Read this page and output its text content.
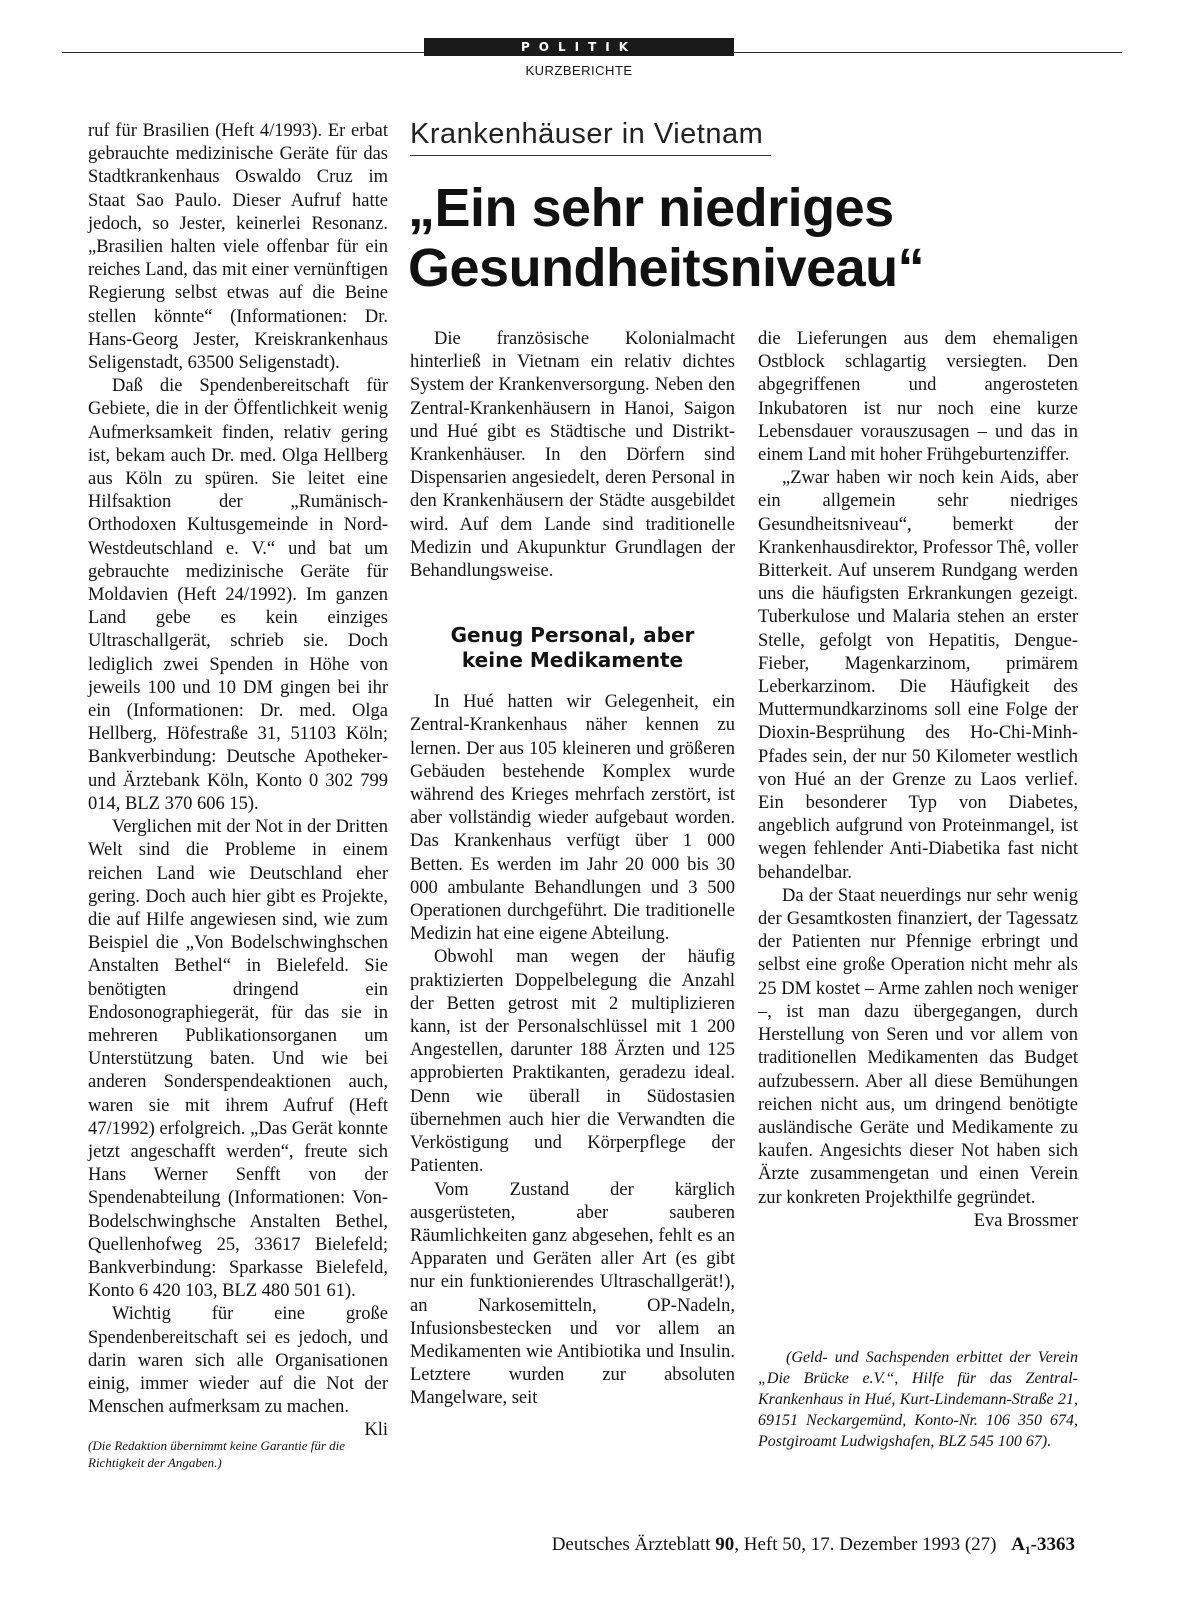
POLITIK
KURZBERICHTE

ruf für Brasilien (Heft 4/1993). Er erbat gebrauchte medizinische Geräte für das Stadtkrankenhaus Oswaldo Cruz im Staat Sao Paulo. Dieser Aufruf hatte jedoch, so Jester, keinerlei Resonanz. „Brasilien halten viele offenbar für ein reiches Land, das mit einer vernünftigen Regierung selbst etwas auf die Beine stellen könnte“ (Informationen: Dr. Hans-Georg Jester, Kreiskrankenhaus Seligenstadt, 63500 Seligenstadt).

Daß die Spendenbereitschaft für Gebiete, die in der Öffentlichkeit wenig Aufmerksamkeit finden, relativ gering ist, bekam auch Dr. med. Olga Hellberg aus Köln zu spüren. Sie leitet eine Hilfsaktion der „Rumänisch-Orthodoxen Kultusgemeinde in Nord-Westdeutschland e. V.“ und bat um gebrauchte medizinische Geräte für Moldavien (Heft 24/1992). Im ganzen Land gebe es kein einziges Ultraschallgerät, schrieb sie. Doch lediglich zwei Spenden in Höhe von jeweils 100 und 10 DM gingen bei ihr ein (Informationen: Dr. med. Olga Hellberg, Höfestraße 31, 51103 Köln; Bankverbindung: Deutsche Apotheker- und Ärztebank Köln, Konto 0 302 799 014, BLZ 370 606 15).

Verglichen mit der Not in der Dritten Welt sind die Probleme in einem reichen Land wie Deutschland eher gering. Doch auch hier gibt es Projekte, die auf Hilfe angewiesen sind, wie zum Beispiel die „Von Bodelschwinghschen Anstalten Bethel“ in Bielefeld. Sie benötigten dringend ein Endosonographiegerät, für das sie in mehreren Publikationsorganen um Unterstützung baten. Und wie bei anderen Sonderspendeaktionen auch, waren sie mit ihrem Aufruf (Heft 47/1992) erfolgreich. „Das Gerät konnte jetzt angeschafft werden“, freute sich Hans Werner Senfft von der Spendenabteilung (Informationen: Von-Bodelschwinghsche Anstalten Bethel, Quellenhofweg 25, 33617 Bielefeld; Bankverbindung: Sparkasse Bielefeld, Konto 6 420 103, BLZ 480 501 61).

Wichtig für eine große Spendenbereitschaft sei es jedoch, und darin waren sich alle Organisationen einig, immer wieder auf die Not der Menschen aufmerksam zu machen.
Kli

(Die Redaktion übernimmt keine Garantie für die Richtigkeit der Angaben.)
Krankenhäuser in Vietnam
„Ein sehr niedriges
Gesundheitsniveau“

Die französische Kolonialmacht hinterließ in Vietnam ein relativ dichtes System der Krankenversorgung. Neben den Zentral-Krankenhäusern in Hanoi, Saigon und Hué gibt es Städtische und Distrikt-Krankenhäuser. In den Dörfern sind Dispensarien angesiedelt, deren Personal in den Krankenhäusern der Städte ausgebildet wird. Auf dem Lande sind traditionelle Medizin und Akupunktur Grundlagen der Behandlungsweise.

Genug Personal, aber
keine Medikamente

In Hué hatten wir Gelegenheit, ein Zentral-Krankenhaus näher kennen zu lernen. Der aus 105 kleineren und größeren Gebäuden bestehende Komplex wurde während des Krieges mehrfach zerstört, ist aber vollständig wieder aufgebaut worden. Das Krankenhaus verfügt über 1 000 Betten. Es werden im Jahr 20 000 bis 30 000 ambulante Behandlungen und 3 500 Operationen durchgeführt. Die traditionelle Medizin hat eine eigene Abteilung.

Obwohl man wegen der häufig praktizierten Doppelbelegung die Anzahl der Betten getrost mit 2 multiplizieren kann, ist der Personalschlüssel mit 1 200 Angestellen, darunter 188 Ärzten und 125 approbierten Praktikanten, geradezu ideal. Denn wie überall in Südostasien übernehmen auch hier die Verwandten die Verköstigung und Körperpflege der Patienten.

Vom Zustand der kärglich ausgerüsteten, aber sauberen Räumlichkeiten ganz abgesehen, fehlt es an Apparaten und Geräten aller Art (es gibt nur ein funktionierendes Ultraschallgerät!), an Narkosemitteln, OP-Nadeln, Infusionsbestecken und vor allem an Medikamenten wie Antibiotika und Insulin. Letztere wurden zur absoluten Mangelware, seit

die Lieferungen aus dem ehemaligen Ostblock schlagartig versiegten. Den abgegriffenen und angerosteten Inkubatoren ist nur noch eine kurze Lebensdauer vorauszusagen – und das in einem Land mit hoher Frühgeburtenziffer.

„Zwar haben wir noch kein Aids, aber ein allgemein sehr niedriges Gesundheitsniveau“, bemerkt der Krankenhausdirektor, Professor Thê, voller Bitterkeit. Auf unserem Rundgang werden uns die häufigsten Erkrankungen gezeigt. Tuberkulose und Malaria stehen an erster Stelle, gefolgt von Hepatitis, Dengue-Fieber, Magenkarzinom, primärem Leberkarzinom. Die Häufigkeit des Muttermundkarzinoms soll eine Folge der Dioxin-Besprühung des Ho-Chi-Minh-Pfades sein, der nur 50 Kilometer westlich von Hué an der Grenze zu Laos verlief. Ein besonderer Typ von Diabetes, angeblich aufgrund von Proteinmangel, ist wegen fehlender Anti-Diabetika fast nicht behandelbar.

Da der Staat neuerdings nur sehr wenig der Gesamtkosten finanziert, der Tagessatz der Patienten nur Pfennige erbringt und selbst eine große Operation nicht mehr als 25 DM kostet – Arme zahlen noch weniger –, ist man dazu übergegangen, durch Herstellung von Seren und vor allem von traditionellen Medikamenten das Budget aufzubessern. Aber all diese Bemühungen reichen nicht aus, um dringend benötigte ausländische Geräte und Medikamente zu kaufen. Angesichts dieser Not haben sich Ärzte zusammengetan und einen Verein zur konkreten Projekthilfe gegründet.
Eva Brossmer

(Geld- und Sachspenden erbittet der Verein „Die Brücke e.V.“, Hilfe für das Zentral-Krankenhaus in Hué, Kurt-Lindemann-Straße 21, 69151 Neckargemünd, Konto-Nr. 106 350 674, Postgiroamt Ludwigshafen, BLZ 545 100 67).

Deutsches Ärzteblatt 90, Heft 50, 17. Dezember 1993 (27) A₁-3363
